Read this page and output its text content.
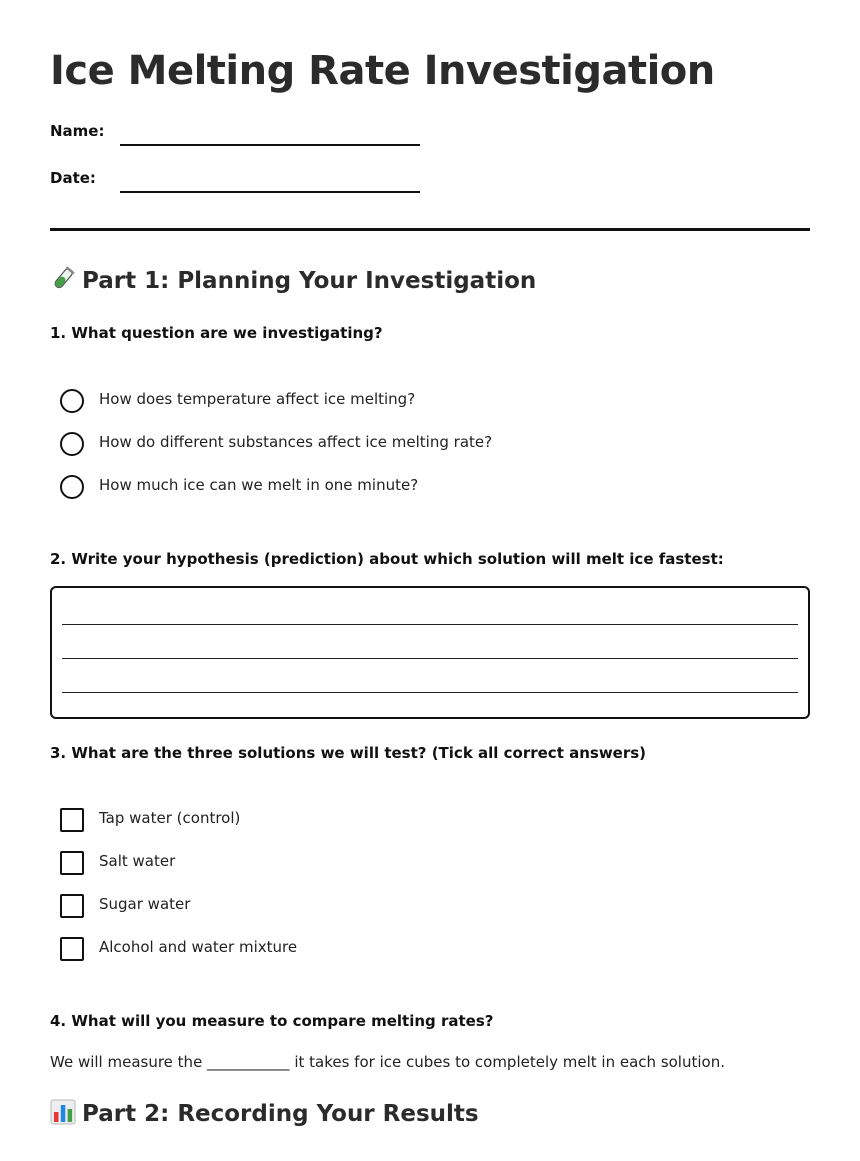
Ice Melting Rate Investigation
Name:
Date:
Part 1: Planning Your Investigation
1. What question are we investigating?
How does temperature affect ice melting?
How do different substances affect ice melting rate?
How much ice can we melt in one minute?
2. Write your hypothesis (prediction) about which solution will melt ice fastest:
3. What are the three solutions we will test? (Tick all correct answers)
Tap water (control)
Salt water
Sugar water
Alcohol and water mixture
4. What will you measure to compare melting rates?
We will measure the ___________ it takes for ice cubes to completely melt in each solution.
Part 2: Recording Your Results
